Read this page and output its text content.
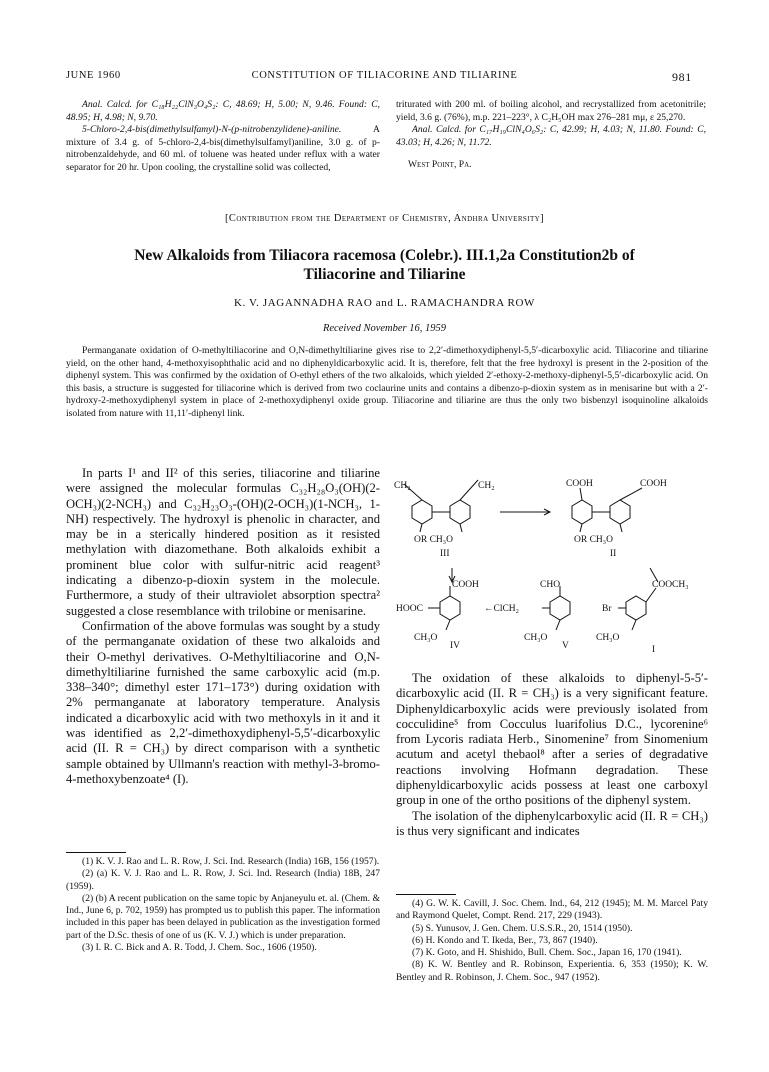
JUNE 1960	CONSTITUTION OF TILIACORINE AND TILIARINE	981

Anal. Calcd. for C₁₈H₂₂ClN₃O₄S₂: C, 48.69; H, 5.00; N, 9.46. Found: C, 48.95; H, 4.98; N, 9.70.

5-Chloro-2,4-bis(dimethylsulfamyl)-N-(p-nitrobenzylidene)-aniline. A mixture of 3.4 g. of 5-chloro-2,4-bis(dimethylsulfamyl)aniline, 3.0 g. of p-nitrobenzaldehyde, and 60 ml. of toluene was heated under reflux with a water separator for 20 hr. Upon cooling, the crystalline solid was collected,

triturated with 200 ml. of boiling alcohol, and recrystallized from acetonitrile; yield, 3.6 g. (76%), m.p. 221–223°, λ C₂H₅OH max 276–281 mμ, ε 25,270.

Anal. Calcd. for C₁₇H₁₉ClN₄O₆S₂: C, 42.99; H, 4.03; N, 11.80. Found: C, 43.03; H, 4.26; N, 11.72.

West Point, Pa.

[Contribution from the Department of Chemistry, Andhra University]
New Alkaloids from Tiliacora racemosa (Colebr.). III.1,2a Constitution2b of
Tiliacorine and Tiliarine
K. V. JAGANNADHA RAO and L. RAMACHANDRA ROW
Received November 16, 1959

Permanganate oxidation of O-methyltiliacorine and O,N-dimethyltiliarine gives rise to 2,2′-dimethoxydiphenyl-5,5′-dicarboxylic acid. Tiliacorine and tiliarine yield, on the other hand, 4-methoxyisophthalic acid and no diphenyldicarboxylic acid. It is, therefore, felt that the free hydroxyl is present in the 2-position of the diphenyl system. This was confirmed by the oxidation of O-ethyl ethers of the two alkaloids, which yielded 2′-ethoxy-2-methoxy-diphenyl-5,5′-dicarboxylic acid. On this basis, a structure is suggested for tiliacorine which is derived from two coclaurine units and contains a dibenzo-p-dioxin system as in menisarine but with a 2′-hydroxy-2-methoxydiphenyl system in place of 2-methoxydiphenyl oxide group. Tiliacorine and tiliarine are thus the only two bisbenzyl isoquinoline alkaloids isolated from nature with 11,11′-diphenyl link.

In parts I¹ and II² of this series, tiliacorine and tiliarine were assigned the molecular formulas C₃₂H₂₈O₃(OH)(2-OCH₃)(2-NCH₃) and C₃₂H₂₃O₃-(OH)(2-OCH₃)(1-NCH₃, 1-NH) respectively. The hydroxyl is phenolic in character, and may be in a sterically hindered position as it resisted methylation with diazomethane. Both alkaloids exhibit a prominent blue color with sulfur-nitric acid reagent³ indicating a dibenzo-p-dioxin system in the molecule. Furthermore, a study of their ultraviolet absorption spectra² suggested a close resemblance with trilobine or menisarine.

Confirmation of the above formulas was sought by a study of the permanganate oxidation of these two alkaloids and their O-methyl derivatives. O-Methyltiliacorine and O,N-dimethyltiliarine furnished the same carboxylic acid (m.p. 338–340°; dimethyl ester 171–173°) during oxidation with 2% permanganate at laboratory temperature. Analysis indicated a dicarboxylic acid with two methoxyls in it and it was identified as 2,2′-dimethoxydiphenyl-5,5′-dicarboxylic acid (II. R = CH₃) by direct comparison with a synthetic sample obtained by Ullmann's reaction with methyl-3-bromo-4-methoxybenzoate⁴ (I).

(1) K. V. J. Rao and L. R. Row, J. Sci. Ind. Research (India) 16B, 156 (1957).

(2) (a) K. V. J. Rao and L. R. Row, J. Sci. Ind. Research (India) 18B, 247 (1959).

(2) (b) A recent publication on the same topic by Anjaneyulu et. al. (Chem. & Ind., June 6, p. 702, 1959) has prompted us to publish this paper. The information included in this paper has been delayed in publication as the investigation formed part of the D.Sc. thesis of one of us (K. V. J.) which is under preparation.

(3) I. R. C. Bick and A. R. Todd, J. Chem. Soc., 1606 (1950).

CH₂	CH₂	COOH	COOH
OR CH₃O	OR CH₃O
III	II
COOH
HOOC	←ClCH₂
CHO
Br
COOCH₃
CH₃O	CH₃O	CH₃O
IV	V	I

The oxidation of these alkaloids to diphenyl-5-5′-dicarboxylic acid (II. R = CH₃) is a very significant feature. Diphenyldicarboxylic acids were previously isolated from cocculidine⁵ from Cocculus luarifolius D.C., lycorenine⁶ from Lycoris radiata Herb., Sinomenine⁷ from Sinomenium acutum and acetyl thebaol⁸ after a series of degradative reactions involving Hofmann degradation. These diphenyldicarboxylic acids possess at least one carboxyl group in one of the ortho positions of the diphenyl system.

The isolation of the diphenylcarboxylic acid (II. R = CH₃) is thus very significant and indicates

(4) G. W. K. Cavill, J. Soc. Chem. Ind., 64, 212 (1945); M. M. Marcel Paty and Raymond Quelet, Compt. Rend. 217, 229 (1943).

(5) S. Yunusov, J. Gen. Chem. U.S.S.R., 20, 1514 (1950).

(6) H. Kondo and T. Ikeda, Ber., 73, 867 (1940).

(7) K. Goto, and H. Shishido, Bull. Chem. Soc., Japan 16, 170 (1941).

(8) K. W. Bentley and R. Robinson, Experientia. 6, 353 (1950); K. W. Bentley and R. Robinson, J. Chem. Soc., 947 (1952).
